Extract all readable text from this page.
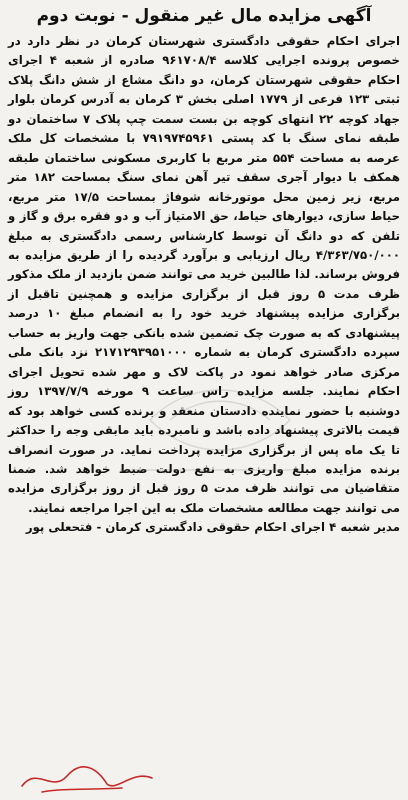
آگهی مزایده مال غیر منقول - نوبت دوم

اجرای احکام حقوقی دادگستری شهرستان کرمان در نظر دارد در خصوص پرونده اجرایی کلاسه ۹۶۱۷۰۸/۴ صادره از شعبه ۴ اجرای احکام حقوقی شهرستان کرمان، دو دانگ مشاع از شش دانگ پلاک ثبتی ۱۲۳ فرعی از ۱۷۷۹ اصلی بخش ۳ کرمان به آدرس کرمان بلوار جهاد کوچه ۲۲ انتهای کوچه بن بست سمت چپ پلاک ۷ ساختمان دو طبقه نمای سنگ با کد پستی ۷۹۱۹۷۴۵۹۶۱ با مشخصات کل ملک عرصه به مساحت ۵۵۴ متر مربع با کاربری مسکونی ساختمان طبقه همکف با دیوار آجری سقف تیر آهن نمای سنگ بمساحت ۱۸۲ متر مربع، زیر زمین محل موتورخانه شوفاژ بمساحت ۱۷/۵ متر مربع، حیاط سازی، دیوارهای حیاط، حق الامتیاز آب و دو فقره برق و گاز و تلفن که دو دانگ آن توسط کارشناس رسمی دادگستری به مبلغ ۴/۳۶۳/۷۵۰/۰۰۰ ریال ارزیابی و برآورد گردیده را از طریق مزایده به فروش برساند. لذا طالبین خرید می توانند ضمن بازدید از ملک مذکور ظرف مدت ۵ روز قبل از برگزاری مزایده و همچنین تاقبل از برگزاری مزایده پیشنهاد خرید خود را به انضمام مبلغ ۱۰ درصد پیشنهادی که به صورت چک تضمین شده بانکی جهت واریز به حساب سپرده دادگستری کرمان به شماره ۲۱۷۱۲۹۳۹۵۱۰۰۰ نزد بانک ملی مرکزی صادر خواهد نمود در پاکت لاک و مهر شده تحویل اجرای احکام نمایند. جلسه مزایده راس ساعت ۹ مورخه ۱۳۹۷/۷/۹ روز دوشنبه با حضور نماینده دادستان منعقد و برنده کسی خواهد بود که قیمت بالاتری پیشنهاد داده باشد و نامبرده باید مابقی وجه را حداکثر تا یک ماه پس از برگزاری مزایده پرداخت نماید. در صورت انصراف برنده مزایده مبلغ واریزی به نفع دولت ضبط خواهد شد. ضمنا متقاضیان می توانند ظرف مدت ۵ روز قبل از روز برگزاری مزایده می توانند جهت مطالعه مشخصات ملک به این اجرا مراجعه نمایند.

مدیر شعبه ۴ اجرای احکام حقوقی دادگستری کرمان - فتحعلی پور
